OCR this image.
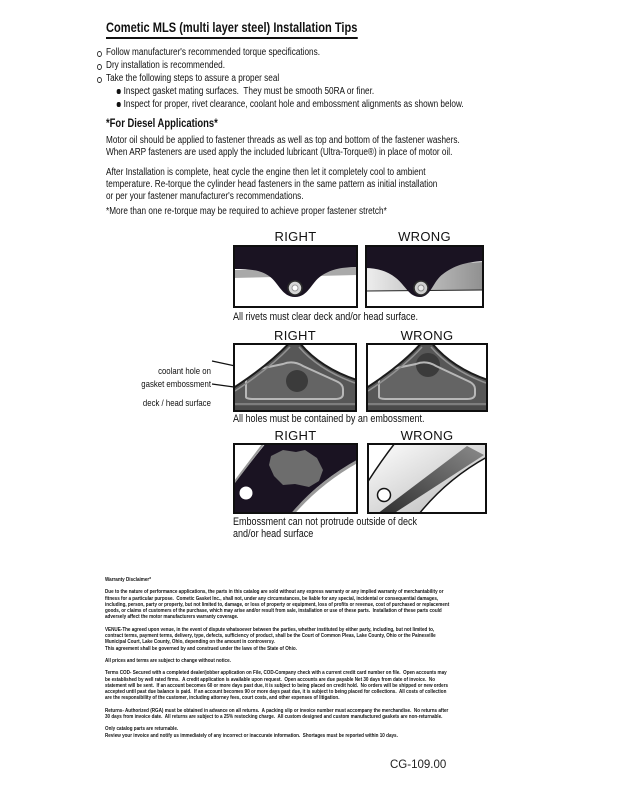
Cometic MLS (multi layer steel) Installation Tips
Follow manufacturer's recommended torque specifications.
Dry installation is recommended.
Take the following steps to assure a proper seal
Inspect gasket mating surfaces.  They must be smooth 50RA or finer.
Inspect for proper, rivet clearance, coolant hole and embossment alignments as shown below.
*For Diesel Applications*
Motor oil should be applied to fastener threads as well as top and bottom of the fastener washers.
When ARP fasteners are used apply the included lubricant (Ultra-Torque®) in place of motor oil.
After Installation is complete, heat cycle the engine then let it completely cool to ambient
temperature. Re-torque the cylinder head fasteners in the same pattern as initial installation
or per your fastener manufacturer's recommendations.
*More than one re-torque may be required to achieve proper fastener stretch*
RIGHT	WRONG
All rivets must clear deck and/or head surface.
RIGHT	WRONG

coolant hole on

deck / head surface

gasket embossment
All holes must be contained by an embossment.
RIGHT	WRONG
Embossment can not protrude outside of deck
and/or head surface
Warranty Disclaimer*
Due to the nature of performance applications, the parts in this catalog are sold without any express warranty or any implied warranty of merchantability or
fitness for a particular purpose.  Cometic Gasket Inc., shall not, under any circumstances, be liable for any special, incidental or consequential damages,
including, person, party or property, but not limited to, damage, or loss of property or equipment, loss of profits or revenue, cost of purchased or replacement
goods, or claims of customers of the purchase, which may arise and/or result from sale, installation or use of these parts.  Installation of these parts could
adversely affect the motor manufacturers warranty coverage.
VENUE-The agreed upon venue, in the event of dispute whatsoever between the parties, whether instituted by either party, including, but not limited to,
contract terms, payment terms, delivery, type, defects, sufficiency of product, shall be the Court of Common Pleas, Lake County, Ohio or the Painesville
Municipal Court, Lake County, Ohio, depending on the amount in controversy.
This agreement shall be governed by and construed under the laws of the State of Ohio.
All prices and terms are subject to change without notice.
Terms COD- Secured with a completed dealer/jobber application on File, COD-Company check with a current credit card number on file.  Open accounts may
be established by well rated firms.  A credit application is available upon request.  Open accounts are due payable Net 30 days from date of invoice.  No
statement will be sent.  If an account becomes 60 or more days past due, it is subject to being placed on credit hold.  No orders will be shipped or new orders
accepted until past due balance is paid.  If an account becomes 90 or more days past due, it is subject to being placed for collections.  All costs of collection
are the responsibility of the customer, including attorney fees, court costs, and other expenses of litigation.
Returns- Authorized (RGA) must be obtained in advance on all returns.  A packing slip or invoice number must accompany the merchandise.  No returns after
30 days from invoice date.  All returns are subject to a 25% restocking charge.  All custom designed and custom manufactured gaskets are non-returnable.
Only catalog parts are returnable.
Review your invoice and notify us immediately of any incorrect or inaccurate information.  Shortages must be reported within 10 days.
CG-109.00
